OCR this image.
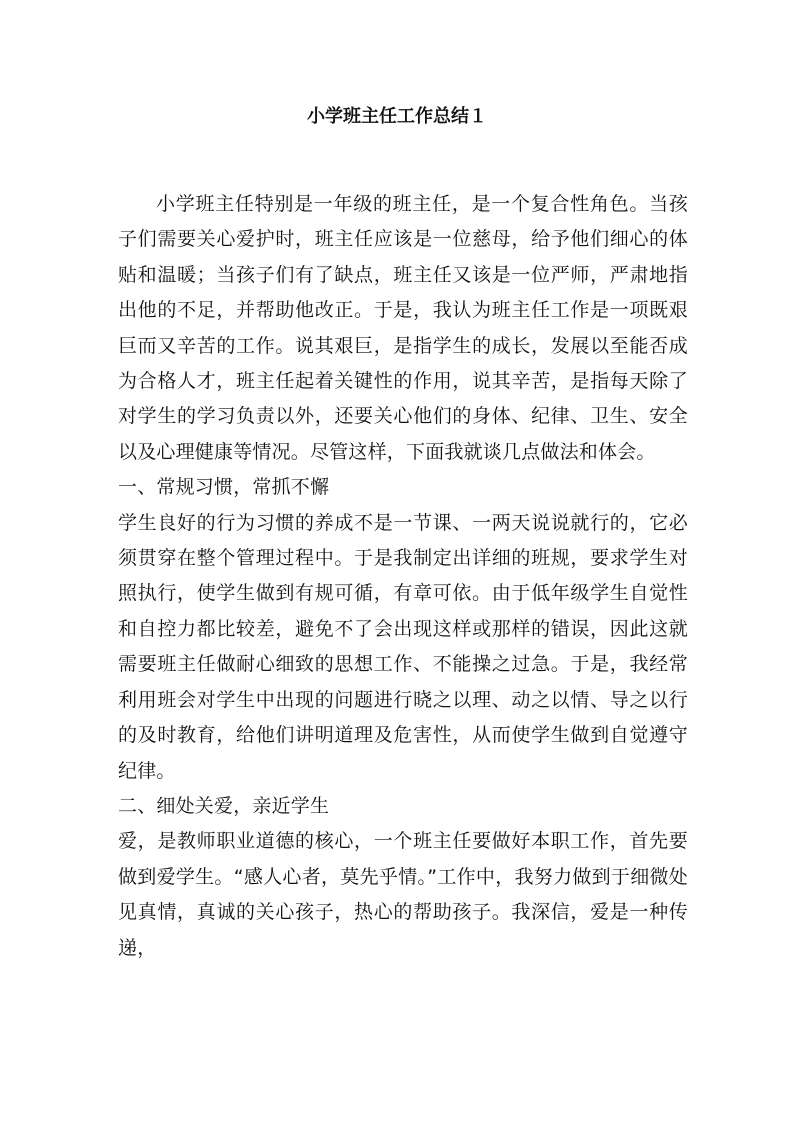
小学班主任工作总结１

小学班主任特别是一年级的班主任，是一个复合性角色。当孩子们需要关心爱护时，班主任应该是一位慈母，给予他们细心的体贴和温暖；当孩子们有了缺点，班主任又该是一位严师，严肃地指出他的不足，并帮助他改正。于是，我认为班主任工作是一项既艰巨而又辛苦的工作。说其艰巨，是指学生的成长，发展以至能否成为合格人才，班主任起着关键性的作用，说其辛苦，是指每天除了对学生的学习负责以外，还要关心他们的身体、纪律、卫生、安全以及心理健康等情况。尽管这样，下面我就谈几点做法和体会。

一、常规习惯，常抓不懈

学生良好的行为习惯的养成不是一节课、一两天说说就行的，它必须贯穿在整个管理过程中。于是我制定出详细的班规，要求学生对照执行，使学生做到有规可循，有章可依。由于低年级学生自觉性和自控力都比较差，避免不了会出现这样或那样的错误，因此这就需要班主任做耐心细致的思想工作、不能操之过急。于是，我经常利用班会对学生中出现的问题进行晓之以理、动之以情、导之以行的及时教育，给他们讲明道理及危害性，从而使学生做到自觉遵守纪律。

二、细处关爱，亲近学生

爱，是教师职业道德的核心，一个班主任要做好本职工作，首先要做到爱学生。“感人心者，莫先乎情。”工作中，我努力做到于细微处见真情，真诚的关心孩子，热心的帮助孩子。我深信，爱是一种传递，
